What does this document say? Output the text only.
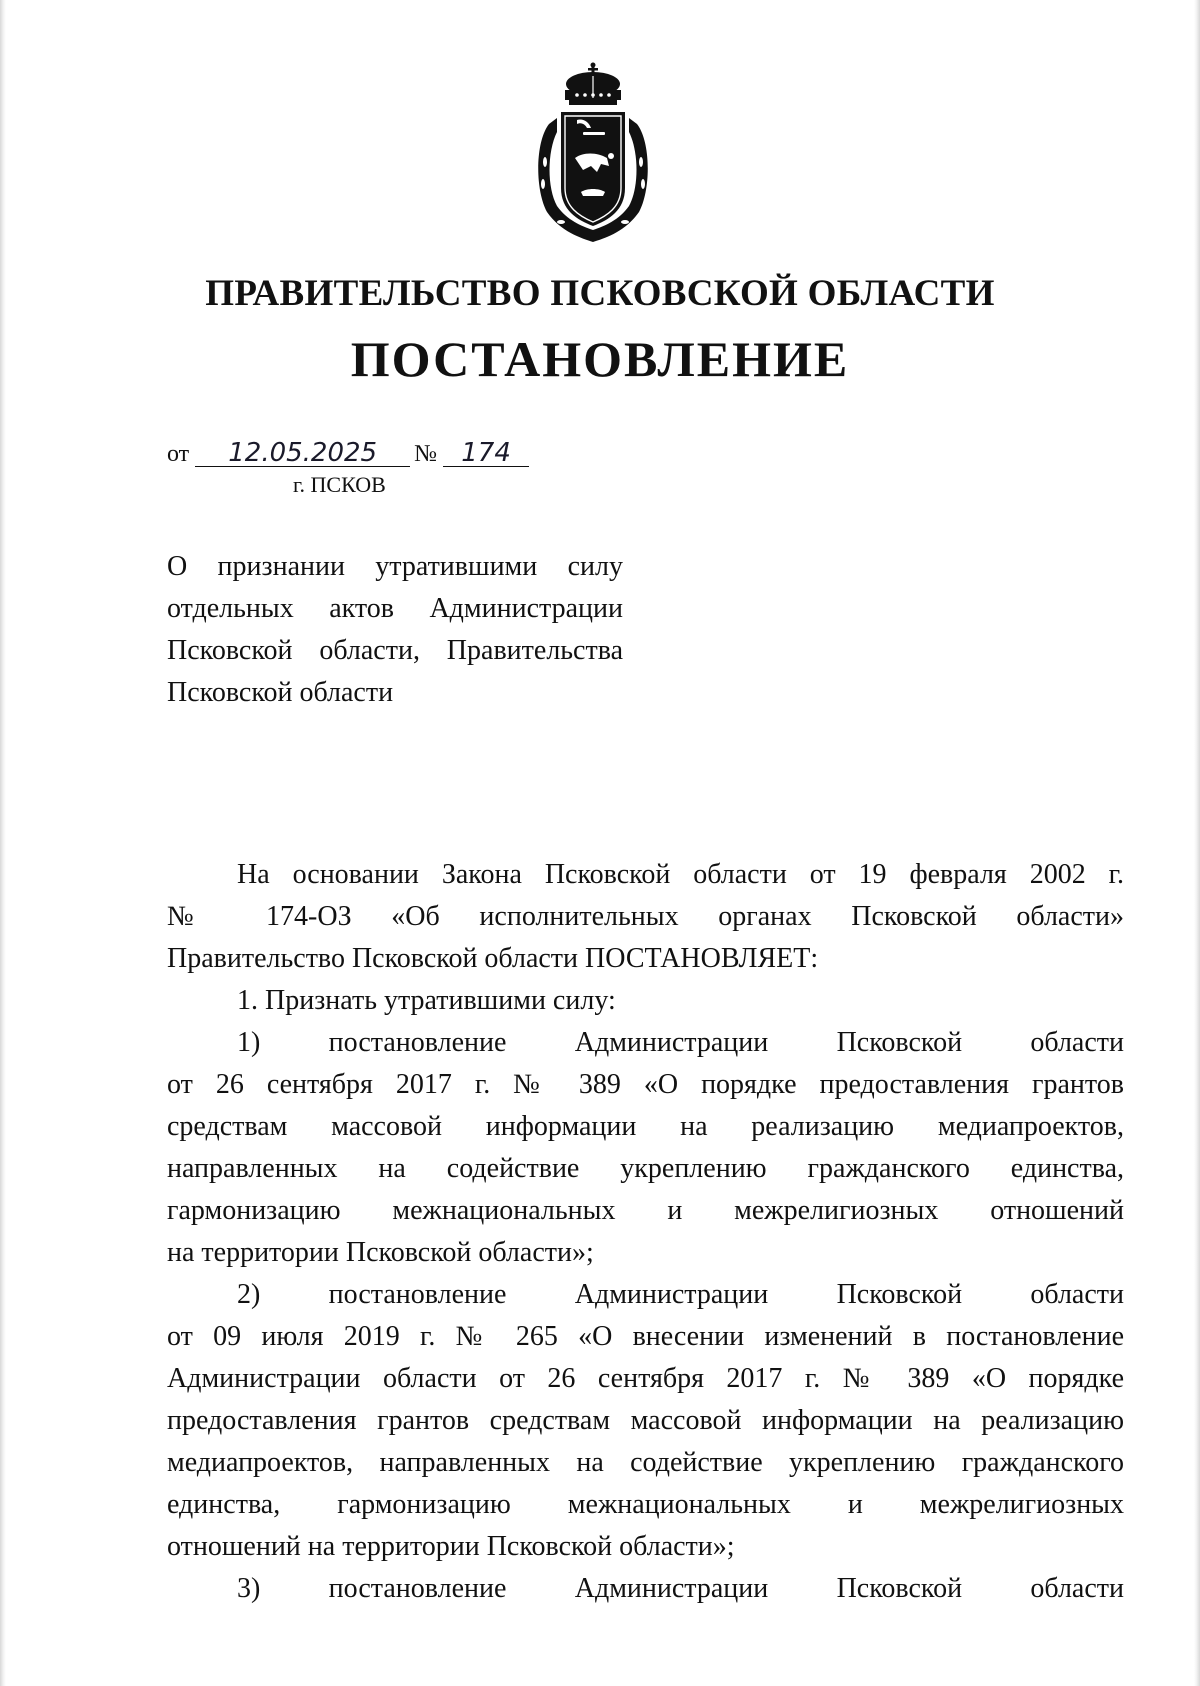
ПРАВИТЕЛЬСТВО ПСКОВСКОЙ ОБЛАСТИ
ПОСТАНОВЛЕНИЕ
от 12.05.2025 № 174
г. ПСКОВ
О признании утратившими силу
отдельных актов Администрации
Псковской области, Правительства
Псковской области
На основании Закона Псковской области от 19 февраля 2002 г.
№ 174-ОЗ «Об исполнительных органах Псковской области»
Правительство Псковской области ПОСТАНОВЛЯЕТ:
1. Признать утратившими силу:
1) постановление Администрации Псковской области
от 26 сентября 2017 г. № 389 «О порядке предоставления грантов
средствам массовой информации на реализацию медиапроектов,
направленных на содействие укреплению гражданского единства,
гармонизацию межнациональных и межрелигиозных отношений
на территории Псковской области»;
2) постановление Администрации Псковской области
от 09 июля 2019 г. № 265 «О внесении изменений в постановление
Администрации области от 26 сентября 2017 г. № 389 «О порядке
предоставления грантов средствам массовой информации на реализацию
медиапроектов, направленных на содействие укреплению гражданского
единства, гармонизацию межнациональных и межрелигиозных
отношений на территории Псковской области»;
3) постановление Администрации Псковской области
